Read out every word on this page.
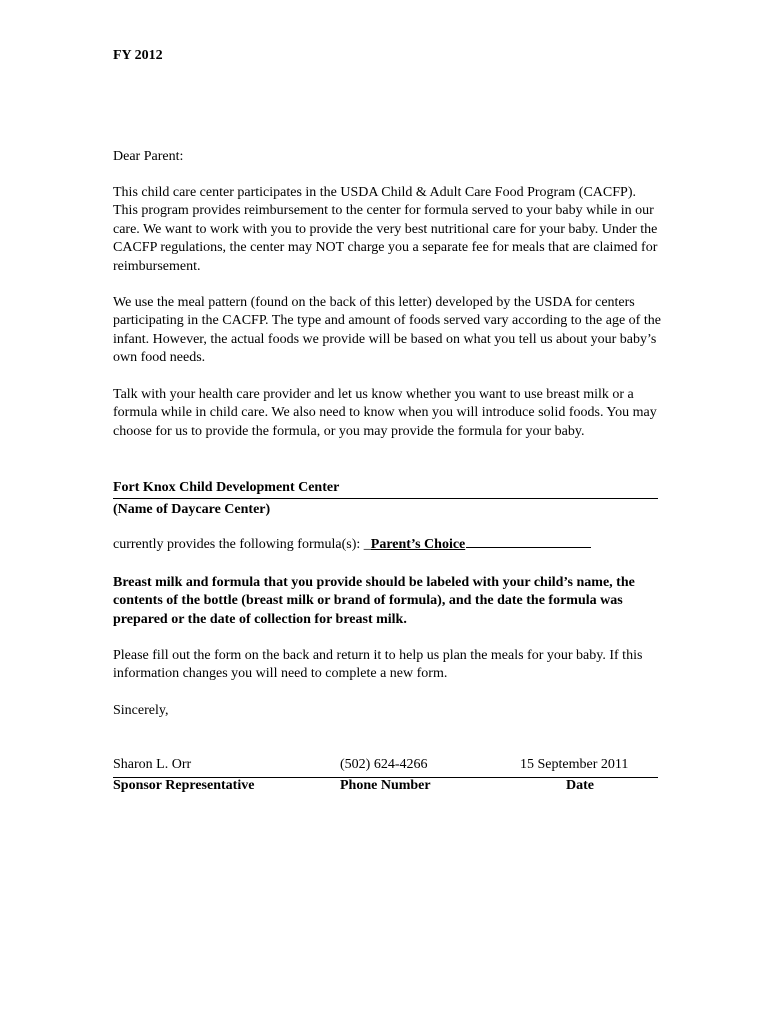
FY 2012
Dear Parent:

This child care center participates in the USDA Child & Adult Care Food Program (CACFP). This program provides reimbursement to the center for formula served to your baby while in our care. We want to work with you to provide the very best nutritional care for your baby. Under the CACFP regulations, the center may NOT charge you a separate fee for meals that are claimed for reimbursement.

We use the meal pattern (found on the back of this letter) developed by the USDA for centers participating in the CACFP. The type and amount of foods served vary according to the age of the infant. However, the actual foods we provide will be based on what you tell us about your baby’s own food needs.

Talk with your health care provider and let us know whether you want to use breast milk or a formula while in child care. We also need to know when you will introduce solid foods. You may choose for us to provide the formula, or you may provide the formula for your baby.

Fort Knox Child Development Center
(Name of Daycare Center)
currently provides the following formula(s): _Parent’s Choice

Breast milk and formula that you provide should be labeled with your child’s name, the contents of the bottle (breast milk or brand of formula), and the date the formula was prepared or the date of collection for breast milk.

Please fill out the form on the back and return it to help us plan the meals for your baby. If this information changes you will need to complete a new form.

Sincerely,
Sharon L. Orr	(502) 624-4266	15 September 2011
Sponsor Representative	Phone Number	Date
